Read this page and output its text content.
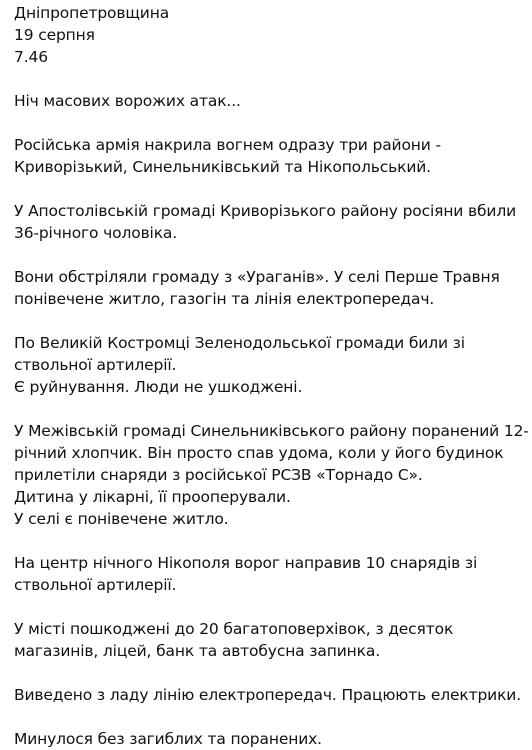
Дніпропетровщина
19 серпня
7.46
Ніч масових ворожих атак...
Російська армія накрила вогнем одразу три райони -
Криворізький, Синельниківський та Нікопольський.
У Апостолівській громаді Криворізького району росіяни вбили
36-річного чоловіка.
Вони обстріляли громаду з «Ураганів». У селі Перше Травня
понівечене житло, газогін та лінія електропередач.
По Великій Костромці Зеленодольської громади били зі
ствольної артилерії.
Є руйнування. Люди не ушкоджені.
У Межівській громаді Синельниківського району поранений 12-
річний хлопчик. Він просто спав удома, коли у його будинок
прилетіли снаряди з російської РСЗВ «Торнадо С».
Дитина у лікарні, її прооперували.
У селі є понівечене житло.
На центр нічного Нікополя ворог направив 10 снарядів зі
ствольної артилерії.
У місті пошкоджені до 20 багатоповерхівок, з десяток
магазинів, ліцей, банк та автобусна запинка.
Виведено з ладу лінію електропередач. Працюють електрики.
Минулося без загиблих та поранених.
